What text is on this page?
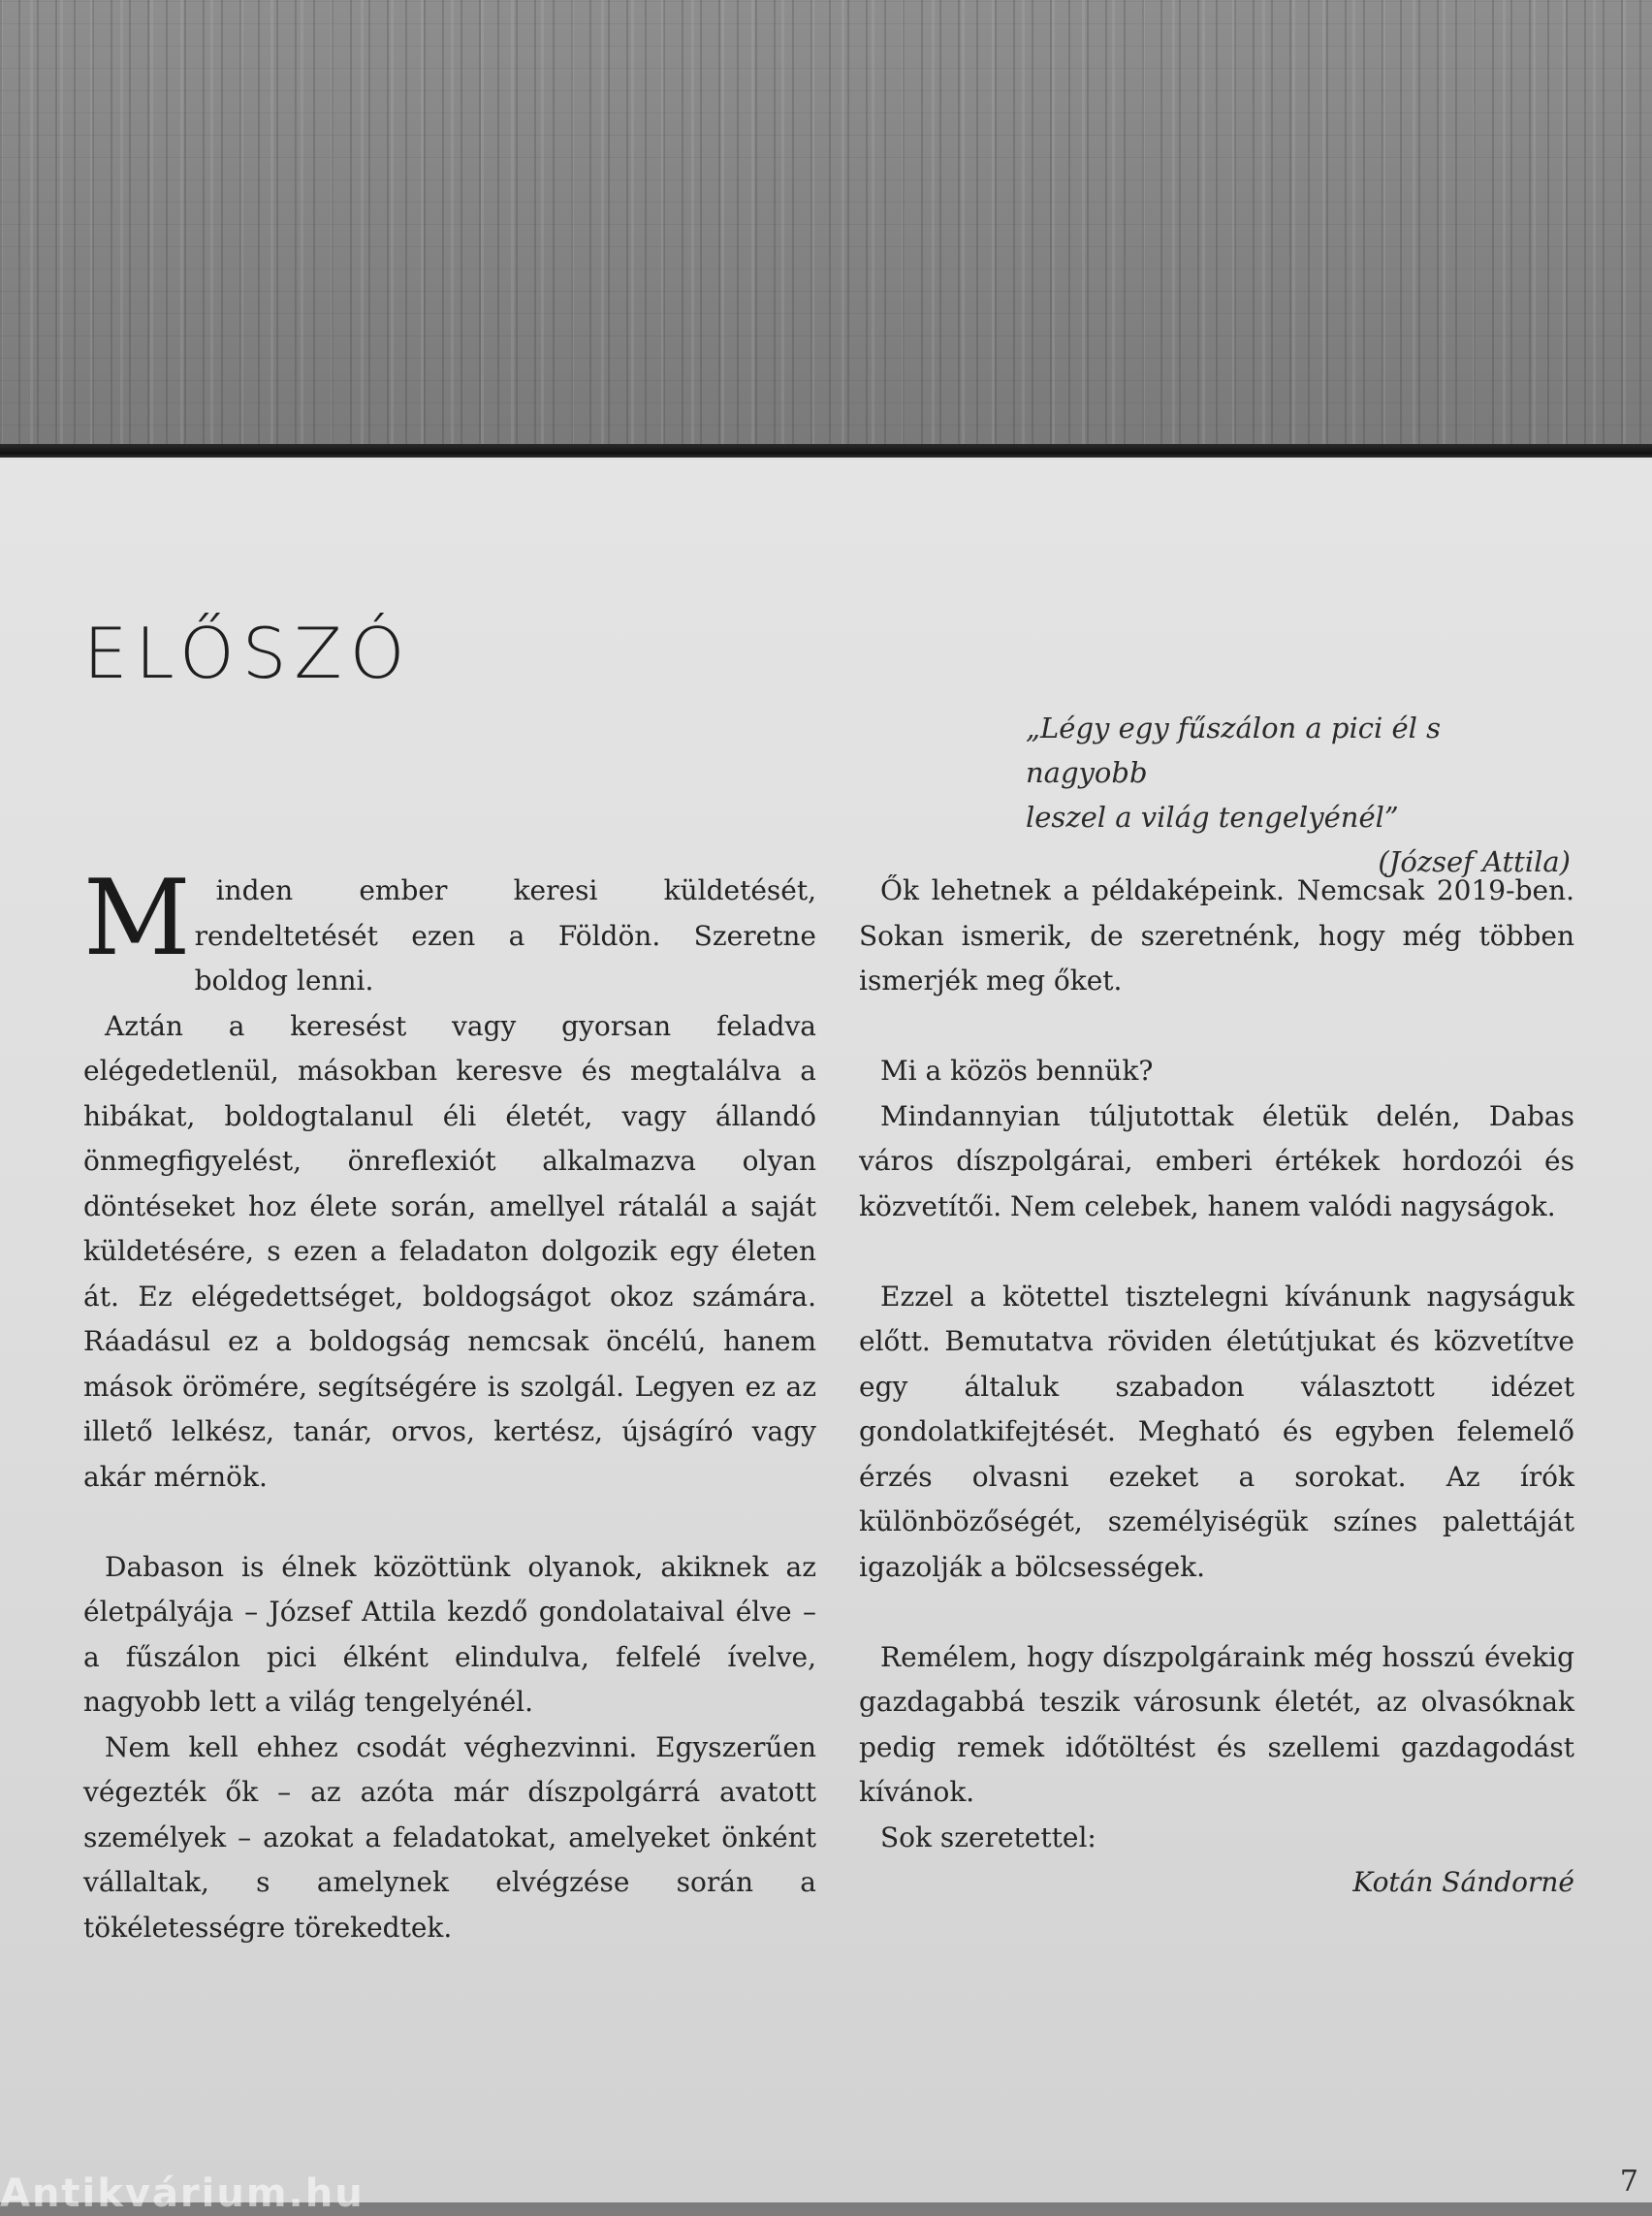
ELŐSZÓ

„Légy egy fűszálon a pici él s nagyobb

leszel a világ tengelyénél”

(József Attila)

Minden ember keresi küldetését, rendeltetését ezen a Földön. Szeretne boldog lenni.

Aztán a keresést vagy gyorsan feladva elégedetlenül, másokban keresve és megtalálva a hibákat, boldogtalanul éli életét, vagy állandó önmegfigyelést, önreflexiót alkalmazva olyan döntéseket hoz élete során, amellyel rátalál a saját küldetésére, s ezen a feladaton dolgozik egy életen át. Ez elégedettséget, boldogságot okoz számára. Ráadásul ez a boldogság nemcsak öncélú, hanem mások örömére, segítségére is szolgál. Legyen ez az illető lelkész, tanár, orvos, kertész, újságíró vagy akár mérnök.

Dabason is élnek közöttünk olyanok, akiknek az életpályája – József Attila kezdő gondolataival élve – a fűszálon pici élként elindulva, felfelé ívelve, nagyobb lett a világ tengelyénél.

Nem kell ehhez csodát véghezvinni. Egyszerűen végezték ők – az azóta már díszpolgárrá avatott személyek – azokat a feladatokat, amelyeket önként vállaltak, s amelynek elvégzése során a tökéletességre törekedtek.

Ők lehetnek a példaképeink. Nemcsak 2019-ben. Sokan ismerik, de szeretnénk, hogy még többen ismerjék meg őket.

Mi a közös bennük?

Mindannyian túljutottak életük delén, Dabas város díszpolgárai, emberi értékek hordozói és közvetítői. Nem celebek, hanem valódi nagyságok.

Ezzel a kötettel tisztelegni kívánunk nagyságuk előtt. Bemutatva röviden életútjukat és közvetítve egy általuk szabadon választott idézet gondolatkifejtését. Megható és egyben felemelő érzés olvasni ezeket a sorokat. Az írók különbözőségét, személyiségük színes palettáját igazolják a bölcsességek.

Remélem, hogy díszpolgáraink még hosszú évekig gazdagabbá teszik városunk életét, az olvasóknak pedig remek időtöltést és szellemi gazdagodást kívánok.

Sok szeretettel:

Kotán Sándorné

7
Antikvárium.hu
